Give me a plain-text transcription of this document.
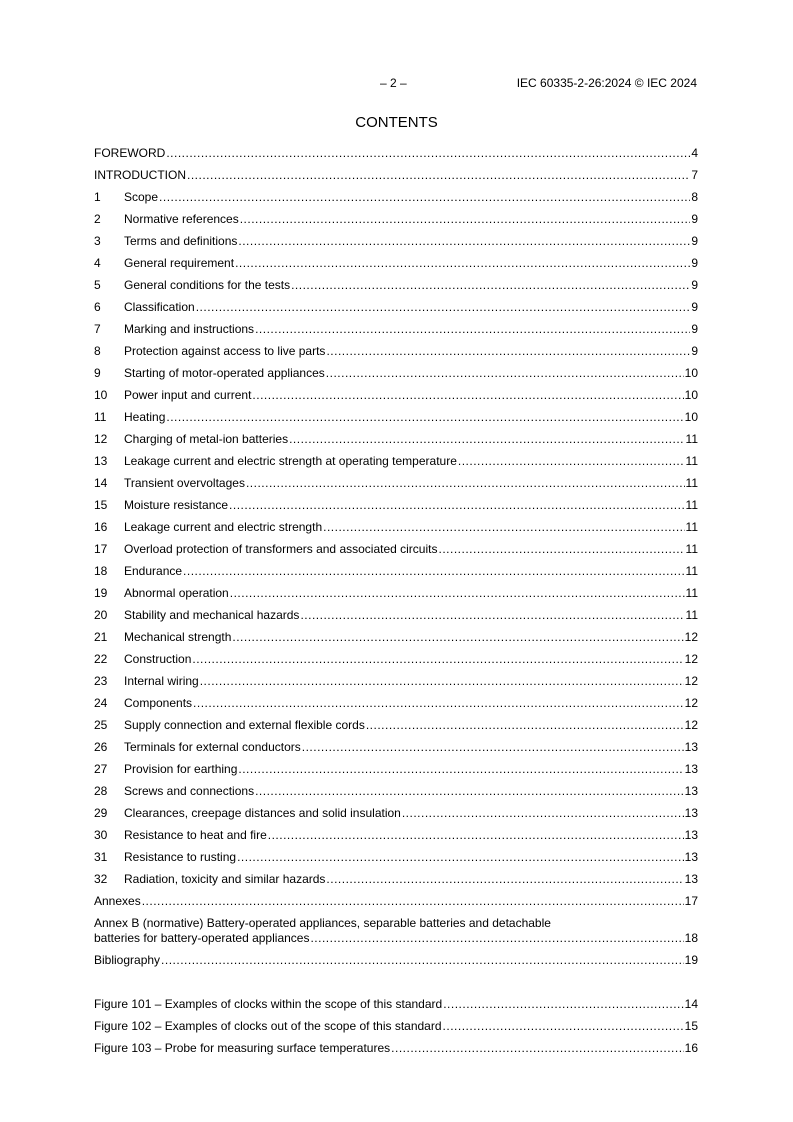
– 2 –	IEC 60335-2-26:2024 © IEC 2024
CONTENTS
FOREWORD .....	4
INTRODUCTION .....	7
1	Scope .....	8
2	Normative references .....	9
3	Terms and definitions .....	9
4	General requirement .....	9
5	General conditions for the tests .....	9
6	Classification .....	9
7	Marking and instructions .....	9
8	Protection against access to live parts .....	9
9	Starting of motor-operated appliances .....	10
10	Power input and current .....	10
11	Heating .....	10
12	Charging of metal-ion batteries .....	11
13	Leakage current and electric strength at operating temperature .....	11
14	Transient overvoltages .....	11
15	Moisture resistance .....	11
16	Leakage current and electric strength .....	11
17	Overload protection of transformers and associated circuits .....	11
18	Endurance .....	11
19	Abnormal operation .....	11
20	Stability and mechanical hazards .....	11
21	Mechanical strength .....	12
22	Construction .....	12
23	Internal wiring .....	12
24	Components .....	12
25	Supply connection and external flexible cords .....	12
26	Terminals for external conductors .....	13
27	Provision for earthing .....	13
28	Screws and connections .....	13
29	Clearances, creepage distances and solid insulation .....	13
30	Resistance to heat and fire .....	13
31	Resistance to rusting .....	13
32	Radiation, toxicity and similar hazards .....	13
Annexes .....	17
Annex B (normative) Battery-operated appliances, separable batteries and detachable
batteries for battery-operated appliances .....	18
Bibliography .....	19
Figure 101 – Examples of clocks within the scope of this standard .....	14
Figure 102 – Examples of clocks out of the scope of this standard .....	15
Figure 103 – Probe for measuring surface temperatures .....	16
